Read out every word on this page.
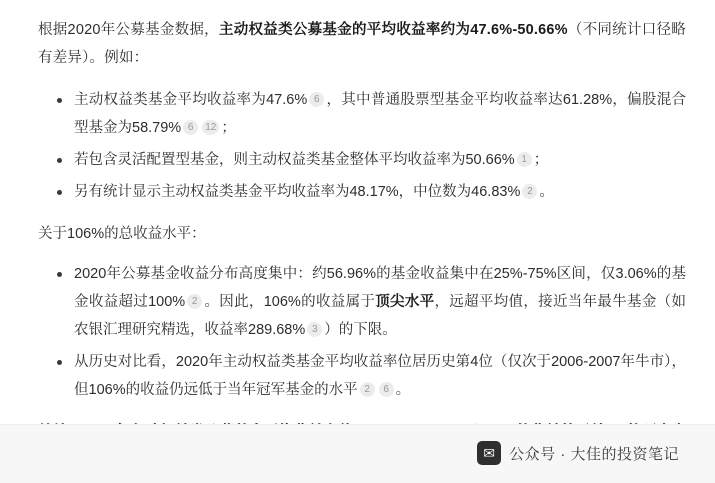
根据2020年公募基金数据，主动权益类公募基金的平均收益率约为47.6%-50.66%（不同统计口径略有差异）。例如：

主动权益类基金平均收益率为47.6% 6 ，其中普通股票型基金平均收益率达61.28%，偏股混合型基金为58.79% 6 12 ；
若包含灵活配置型基金，则主动权益类基金整体平均收益率为50.66% 1 ；
另有统计显示主动权益类基金平均收益率为48.17%，中位数为46.83% 2 。

关于106%的总收益水平：

2020年公募基金收益分布高度集中：约56.96%的基金收益集中在25%-75%区间，仅3.06%的基金收益超过100% 2 。因此，106%的收益属于顶尖水平，远超平均值，接近当年最牛基金（如农银汇理研究精选，收益率289.68% 3 ）的下限。
从历史对比看，2020年主动权益类基金平均收益率位居历史第4位（仅次于2006-2007年牛市），但106%的收益仍远低于当年冠军基金的水平 2 6 。

✉ 公众号 · 大佳的投资笔记
